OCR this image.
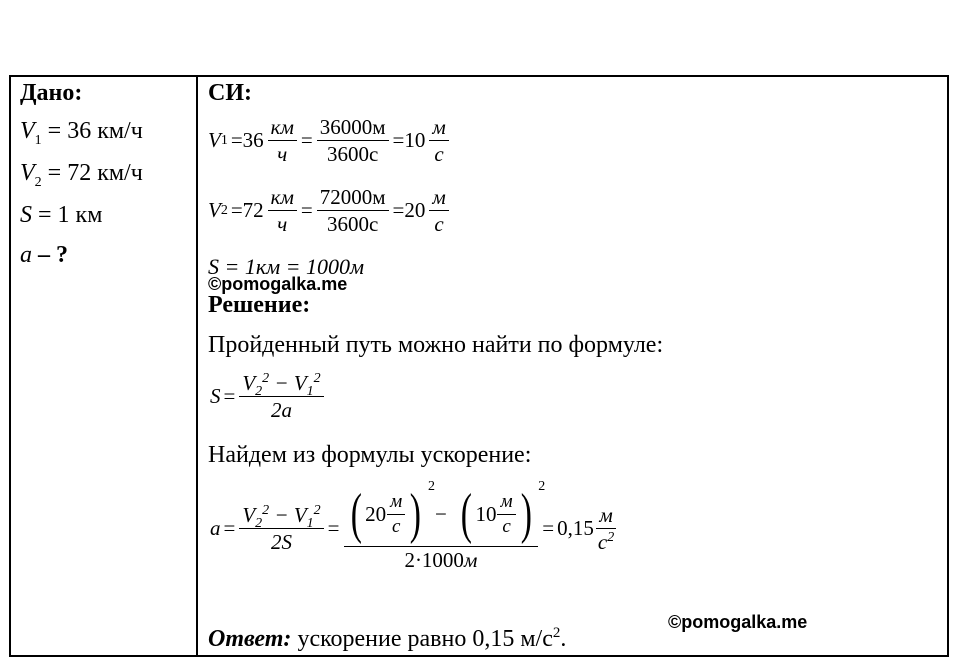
Дано:
$V_1 = 36$ км/ч
$V_2 = 72$ км/ч
S = 1 км
a – ?
СИ:
V $1 =36 \frac{км}{ч} = \frac{36000м}{3600с} =10 \frac{м}{с}$
V $2 =72 \frac{км}{ч} = \frac{72000м}{3600с} =20 \frac{м}{с}$
S = 1км = 1000м
©pomogalka.me
Решение:
Пройденный путь можно найти по формуле:
$S = \frac{V_2^2 - V_1^2}{2a}$
Найдем из формулы ускорение:
$a = \frac{V_2^2 - V_1^2}{2S}$ = ( $20 \frac{м}{с}$ ) 2
− ( $10 \frac{м}{с}$ ) 2
$2\cdot 1000м = 0,15 \frac{м}{с^2}$
©pomogalka.me
Ответ: ускорение равно 0,15 $м/с^2$.
